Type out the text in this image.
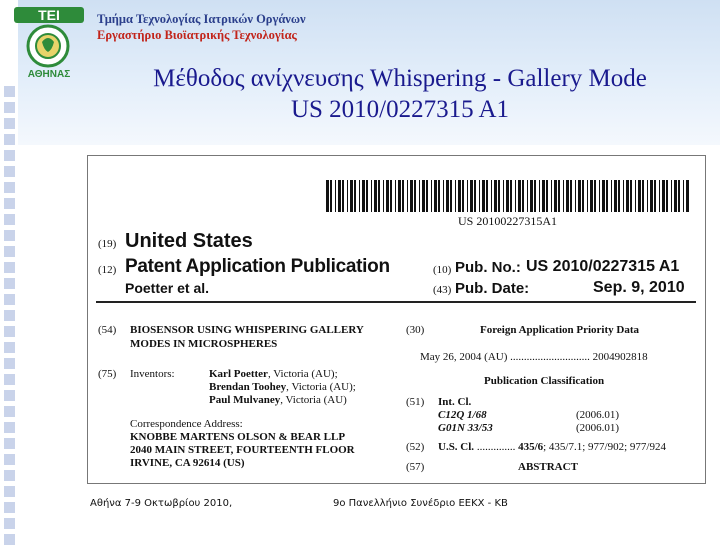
ΤΕΙ
ΑΘΗΝΑΣ
Τμήμα Τεχνολογίας Ιατρικών Οργάνων
Εργαστήριο Βιοϊατρικής Τεχνολογίας
Μέθοδος ανίχνευσης Whispering - Gallery Mode
US 2010/0227315 A1
US 20100227315A1
(19) United States
(12) Patent Application Publication
Poetter et al.
(10) Pub. No.: US 2010/0227315 A1
(43) Pub. Date:	Sep. 9, 2010
(54) BIOSENSOR USING WHISPERING GALLERY
MODES IN MICROSPHERES
(75) Inventors:	Karl Poetter, Victoria (AU);
Brendan Toohey, Victoria (AU);
Paul Mulvaney, Victoria (AU)
Correspondence Address:
KNOBBE MARTENS OLSON & BEAR LLP
2040 MAIN STREET, FOURTEENTH FLOOR
IRVINE, CA 92614 (US)
(30)	Foreign Application Priority Data
May 26, 2004 (AU) ............................. 2004902818
Publication Classification
(51) Int. Cl.
C12Q 1/68	(2006.01)
G01N 33/53	(2006.01)
(52) U.S. Cl. .............. 435/6; 435/7.1; 977/902; 977/924
(57)	ABSTRACT
Αθήνα 7-9 Οκτωβρίου 2010,	9ο Πανελλήνιο Συνέδριο ΕΕΚΧ - ΚΒ
